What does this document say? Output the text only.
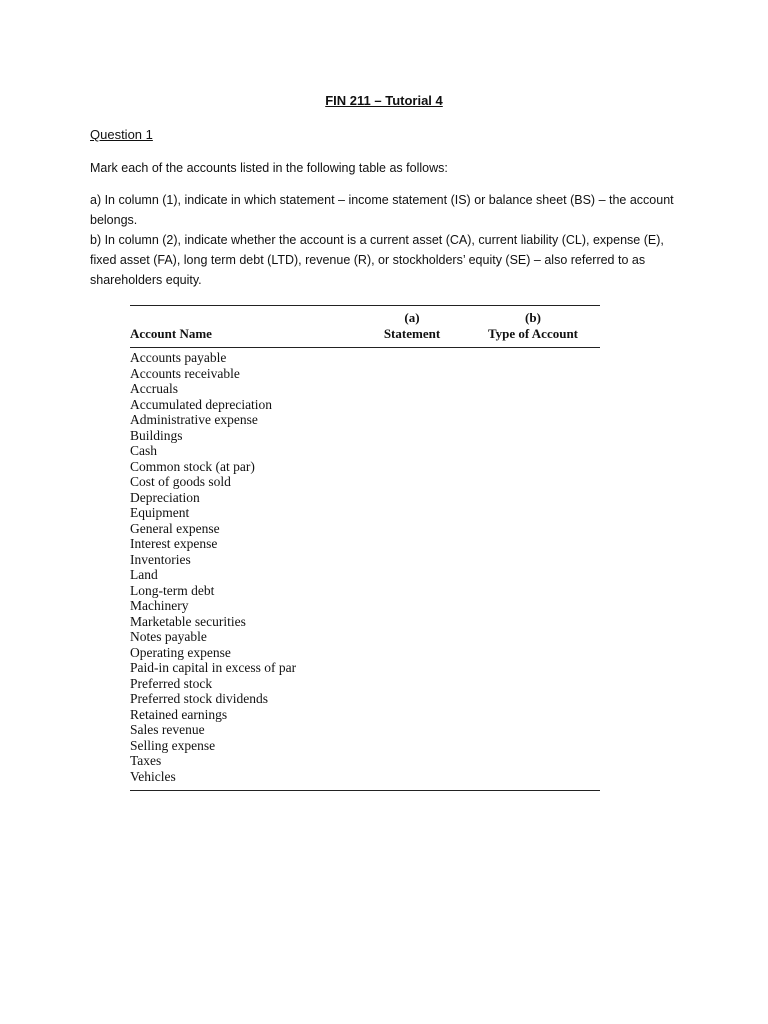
FIN 211 – Tutorial 4
Question 1

Mark each of the accounts listed in the following table as follows:

a) In column (1), indicate in which statement – income statement (IS) or balance sheet (BS) – the account belongs.

b) In column (2), indicate whether the account is a current asset (CA), current liability (CL), expense (E), fixed asset (FA), long term debt (LTD), revenue (R), or stockholders’ equity (SE) – also referred to as shareholders equity.

Account Name
(a)
Statement
(b)
Type of Account
Accounts payable
Accounts receivable
Accruals
Accumulated depreciation
Administrative expense
Buildings
Cash
Common stock (at par)
Cost of goods sold
Depreciation
Equipment
General expense
Interest expense
Inventories
Land
Long-term debt
Machinery
Marketable securities
Notes payable
Operating expense
Paid-in capital in excess of par
Preferred stock
Preferred stock dividends
Retained earnings
Sales revenue
Selling expense
Taxes
Vehicles
